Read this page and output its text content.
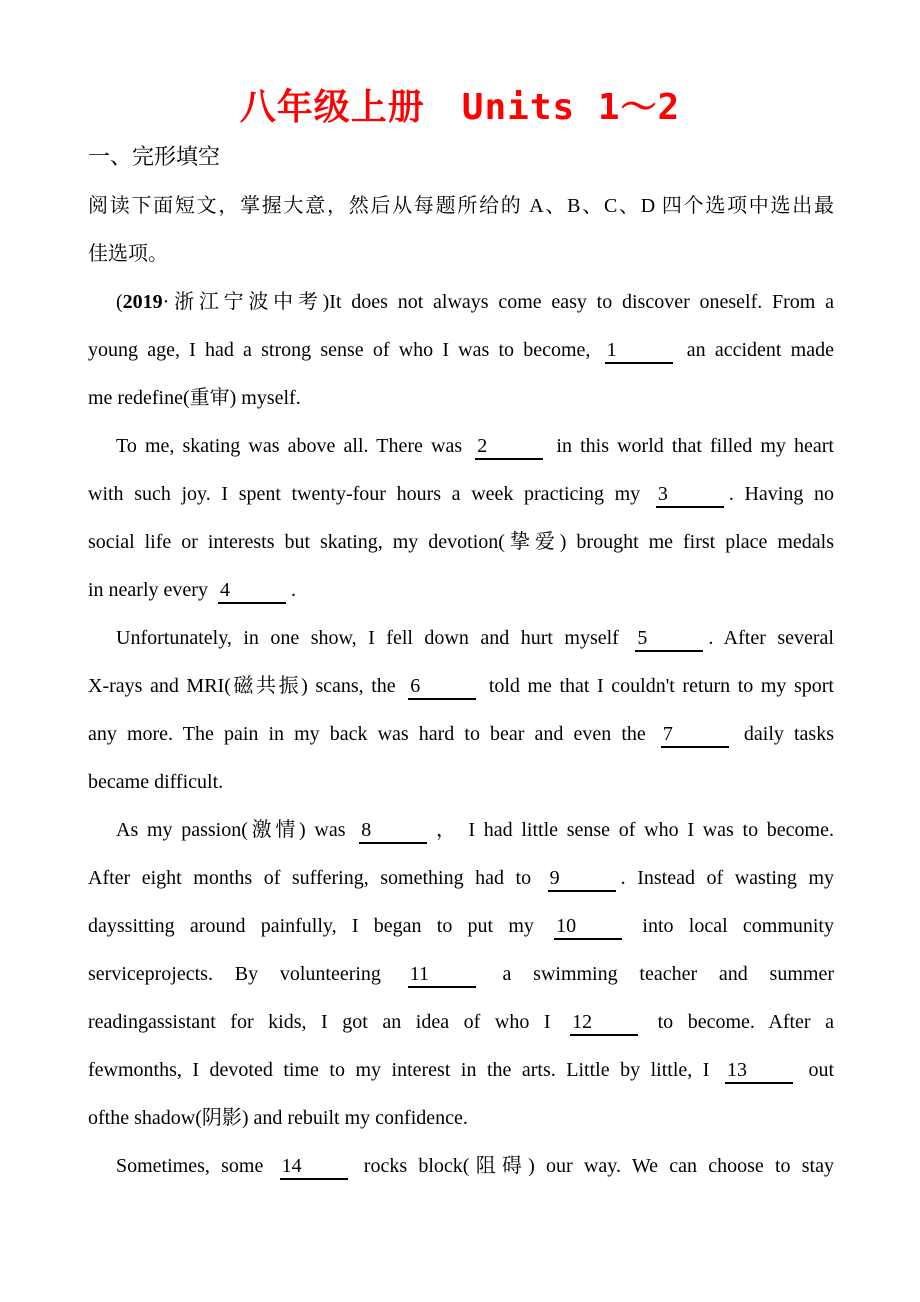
八年级上册　Units 1～2
一、完形填空
阅读下面短文，掌握大意，然后从每题所给的 A、B、C、D 四个选项中选出最
佳选项。
(2019·浙江宁波中考)It does not always come easy to discover oneself. From a
young age, I had a strong sense of who I was to become, 1	an accident made
me redefine(重审) myself.
To me, skating was above all. There was 2	in this world that filled my heart
with such joy. I spent twenty-four hours a week practicing my 3	. Having no
social life or interests but skating, my devotion(挚爱) brought me first place medals
in nearly every 4	.
Unfortunately, in one show, I fell down and hurt myself 5	. After several
X-rays and MRI(磁共振) scans, the 6	told me that I couldn't return to my sport
any more. The pain in my back was hard to bear and even the 7	daily tasks
became difficult.
As my passion(激情) was 8	， I had little sense of who I was to become.
After eight months of suffering, something had to 9	. Instead of wasting my
dayssitting around painfully, I began to put my 10	into local community
serviceprojects. By volunteering 11	a swimming teacher and summer
readingassistant for kids, I got an idea of who I 12	to become. After a
fewmonths, I devoted time to my interest in the arts. Little by little, I 13	out
ofthe shadow(阴影) and rebuilt my confidence.
Sometimes, some 14	rocks block(阻碍) our way. We can choose to stay
